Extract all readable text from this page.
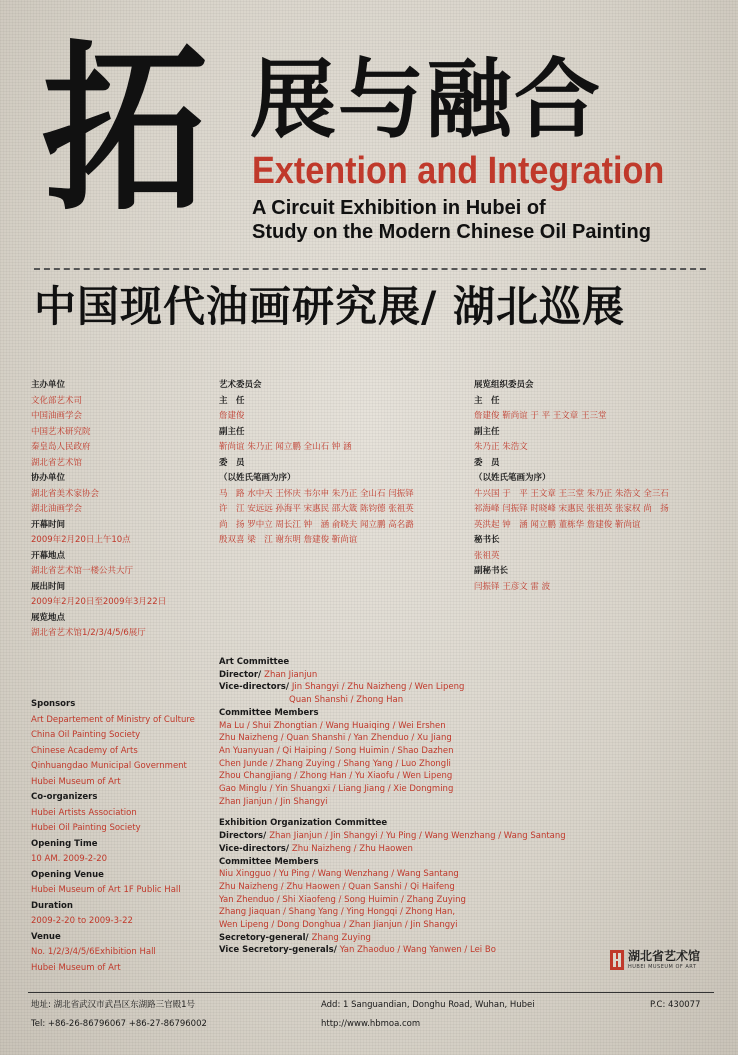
拓 展与融合
Extention and Integration
A Circuit Exhibition in Hubei of
Study on the Modern Chinese Oil Painting
中国现代油画研究展/ 湖北巡展
主办单位
文化部艺术司
中国油画学会
中国艺术研究院
秦皇岛人民政府
湖北省艺术馆
协办单位
湖北省美术家协会
湖北油画学会
开幕时间
2009年2月20日上午10点
开幕地点
湖北省艺术馆一楼公共大厅
展出时间
2009年2月20日至2009年3月22日
展览地点
湖北省艺术馆1/2/3/4/5/6展厅
艺术委员会
主　任
詹建俊
副主任
靳尚谊 朱乃正 闻立鹏 全山石 钟 涵
委　员
（以姓氏笔画为序）
马　路 水中天 王怀庆 韦尔申 朱乃正 全山石 闫振铎
许　江 安远远 孙海平 宋惠民 邵大箴 陈钧德 张祖英
尚　扬 罗中立 周长江 钟　涵 俞晓夫 闻立鹏 高名潞
殷双喜 梁　江 谢东明 詹建俊 靳尚谊
展览组织委员会
主　任
詹建俊 靳尚谊 于 平 王文章 王三堂
副主任
朱乃正 朱浩文
委　员
（以姓氏笔画为序）
牛兴国 于　平 王文章 王三堂 朱乃正 朱浩文 全三石
祁海峰 闫振铎 时晓峰 宋惠民 张祖英 张家权 尚　扬
英洪起 钟　涵 闻立鹏 董栋华 詹建俊 靳尚谊
秘书长
张祖英
副秘书长
闫振铎 王彦文 雷 波
Art Committee
Director/ Zhan Jianjun
Vice-directors/ Jin Shangyi / Zhu Naizheng / Wen Lipeng
Quan Shanshi / Zhong Han
Committee Members
Ma Lu / Shui Zhongtian / Wang Huaiqing / Wei Ershen
Zhu Naizheng / Quan Shanshi / Yan Zhenduo / Xu Jiang
An Yuanyuan / Qi Haiping / Song Huimin / Shao Dazhen
Chen Junde / Zhang Zuying / Shang Yang / Luo Zhongli
Zhou Changjiang / Zhong Han / Yu Xiaofu / Wen Lipeng
Gao Minglu / Yin Shuangxi / Liang Jiang / Xie Dongming
Zhan Jianjun / Jin Shangyi
Exhibition Organization Committee
Directors/ Zhan Jianjun / Jin Shangyi / Yu Ping / Wang Wenzhang / Wang Santang
Vice-directors/ Zhu Naizheng / Zhu Haowen
Committee Members
Niu Xingguo / Yu Ping / Wang Wenzhang / Wang Santang
Zhu Naizheng / Zhu Haowen / Quan Sanshi / Qi Haifeng
Yan Zhenduo / Shi Xiaofeng / Song Huimin / Zhang Zuying
Zhang Jiaquan / Shang Yang / Ying Hongqi / Zhong Han,
Wen Lipeng / Dong Donghua / Zhan Jianjun / Jin Shangyi
Secretory-general/ Zhang Zuying
Vice Secretory-generals/ Yan Zhaoduo / Wang Yanwen / Lei Bo
Sponsors
Art Departement of Ministry of Culture
China Oil Painting Society
Chinese Academy of Arts
Qinhuangdao Municipal Government
Hubei Museum of Art
Co-organizers
Hubei Artists Association
Hubei Oil Painting Society
Opening Time
10 AM. 2009-2-20
Opening Venue
Hubei Museum of Art 1F Public Hall
Duration
2009-2-20 to 2009-3-22
Venue
No. 1/2/3/4/5/6Exhibition Hall
Hubei Museum of Art
湖北省艺术馆
HUBEI MUSEUM OF ART
地址: 湖北省武汉市武昌区东湖路三官殿1号
Tel: +86-26-86796067 +86-27-86796002
Add: 1 Sanguandian, Donghu Road, Wuhan, Hubei
http://www.hbmoa.com
P.C: 430077
